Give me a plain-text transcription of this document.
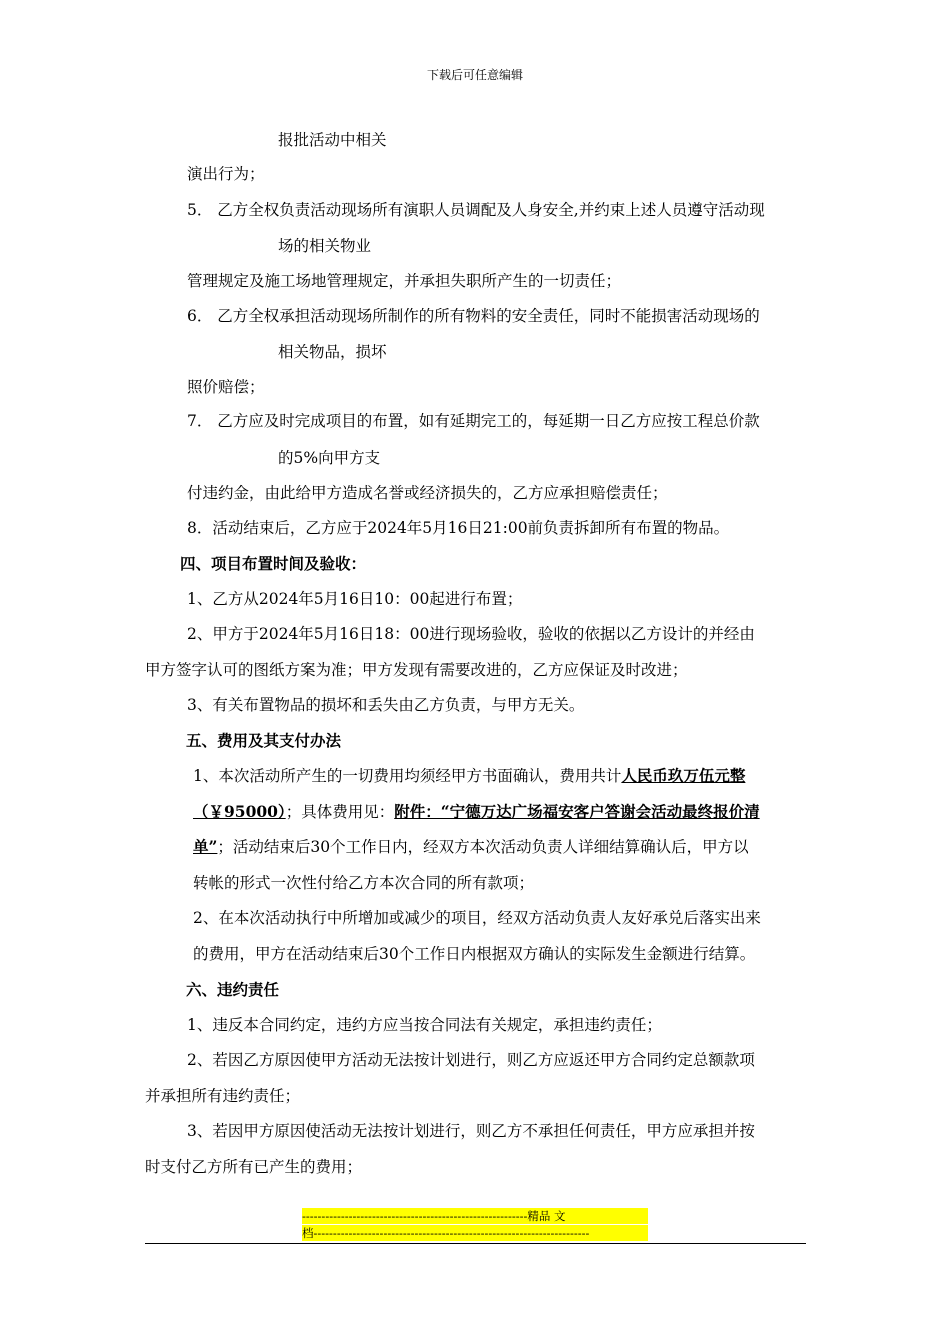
下载后可任意编辑
报批活动中相关
演出行为；
5． 乙方全权负责活动现场所有演职人员调配及人身安全,并约束上述人员遵守活动现
场的相关物业
管理规定及施工场地管理规定，并承担失职所产生的一切责任；
6． 乙方全权承担活动现场所制作的所有物料的安全责任，同时不能损害活动现场的
相关物品，损坏
照价赔偿；
7． 乙方应及时完成项目的布置，如有延期完工的，每延期一日乙方应按工程总价款
的5%向甲方支
付违约金，由此给甲方造成名誉或经济损失的，乙方应承担赔偿责任；
8．活动结束后，乙方应于2024年5月16日21:00前负责拆卸所有布置的物品。
四、项目布置时间及验收：
1、乙方从2024年5月16日10：00起进行布置；
2、甲方于2024年5月16日18：00进行现场验收，验收的依据以乙方设计的并经由
甲方签字认可的图纸方案为准；甲方发现有需要改进的，乙方应保证及时改进；
3、有关布置物品的损坏和丢失由乙方负责，与甲方无关。
五、费用及其支付办法
1、本次活动所产生的一切费用均须经甲方书面确认，费用共计人民币玖万伍元整
（￥95000）；具体费用见：附件：“宁德万达广场福安客户答谢会活动最终报价清
单”；活动结束后30个工作日内，经双方本次活动负责人详细结算确认后，甲方以
转帐的形式一次性付给乙方本次合同的所有款项；
2、在本次活动执行中所增加或减少的项目，经双方活动负责人友好承兑后落实出来
的费用，甲方在活动结束后30个工作日内根据双方确认的实际发生金额进行结算。
六、违约责任
1、违反本合同约定，违约方应当按合同法有关规定，承担违约责任；
2、若因乙方原因使甲方活动无法按计划进行，则乙方应返还甲方合同约定总额款项
并承担所有违约责任；
3、若因甲方原因使活动无法按计划进行，则乙方不承担任何责任，甲方应承担并按
时支付乙方所有已产生的费用；
----------------------------------------------------------精品 文
档-----------------------------------------------------------------------
